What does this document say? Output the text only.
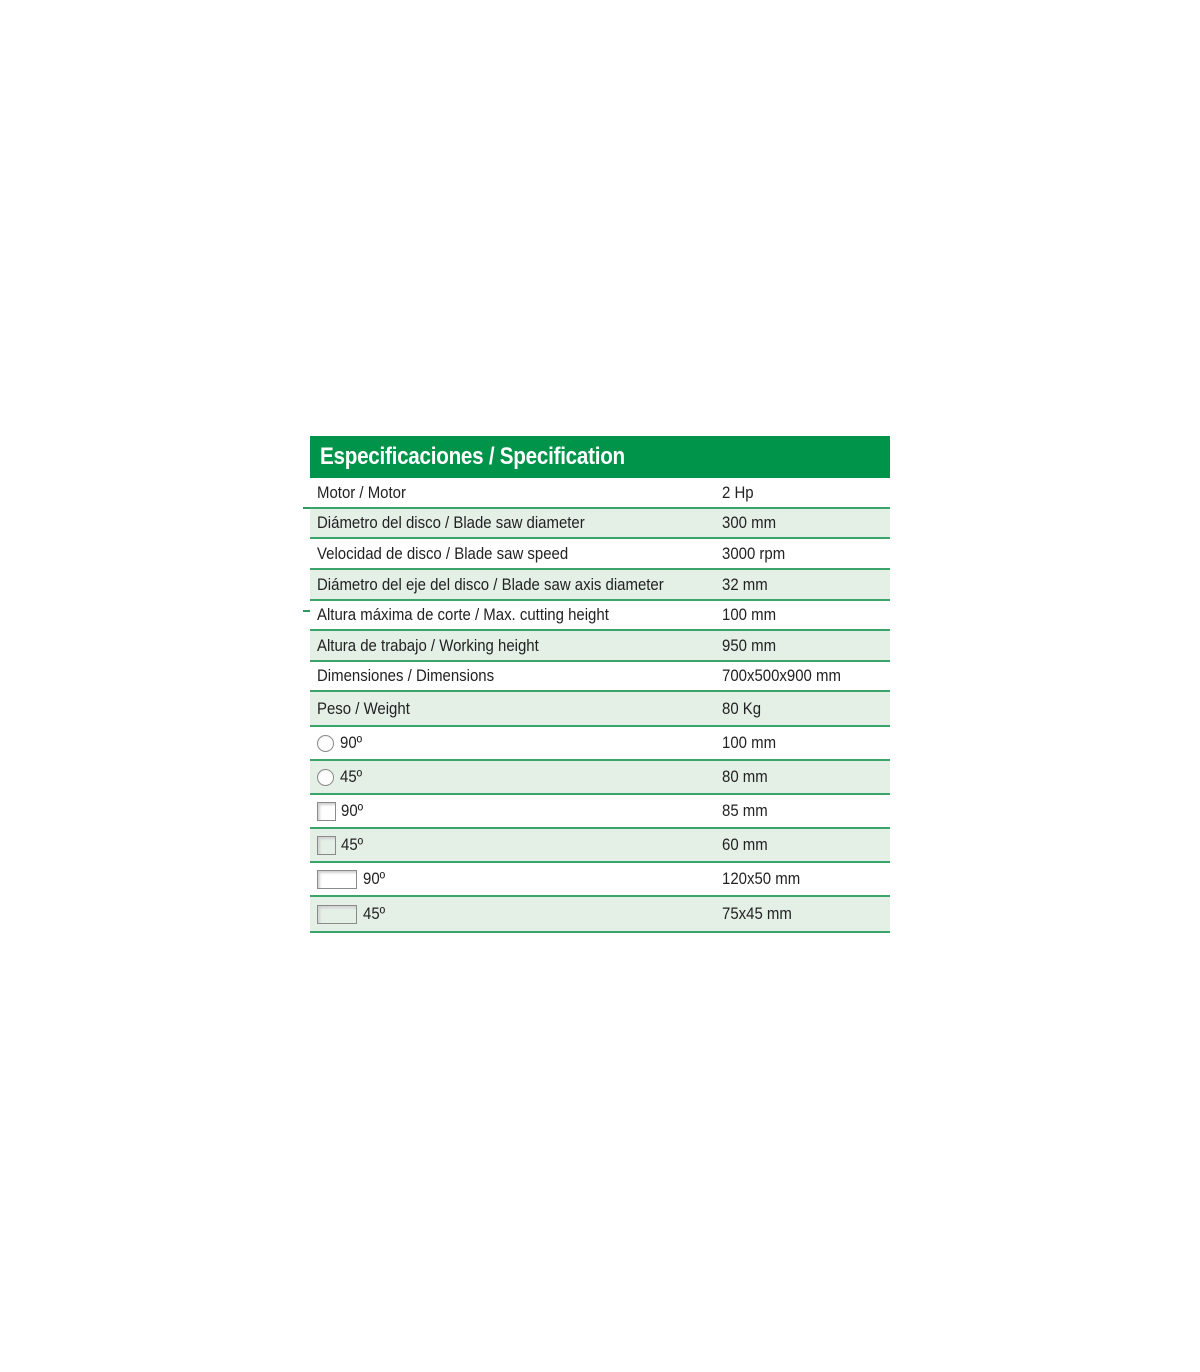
Especificaciones / Specification
Motor / Motor	2 Hp
Diámetro del disco / Blade saw diameter	300 mm
Velocidad de disco / Blade saw speed	3000 rpm
Diámetro del eje del disco / Blade saw axis diameter	32 mm
Altura máxima de corte / Max. cutting height	100 mm
Altura de trabajo / Working height	950 mm
Dimensiones / Dimensions	700x500x900 mm
Peso / Weight	80 Kg
90º	100 mm
45º	80 mm
90º	85 mm
45º	60 mm
90º	120x50 mm
45º	75x45 mm
